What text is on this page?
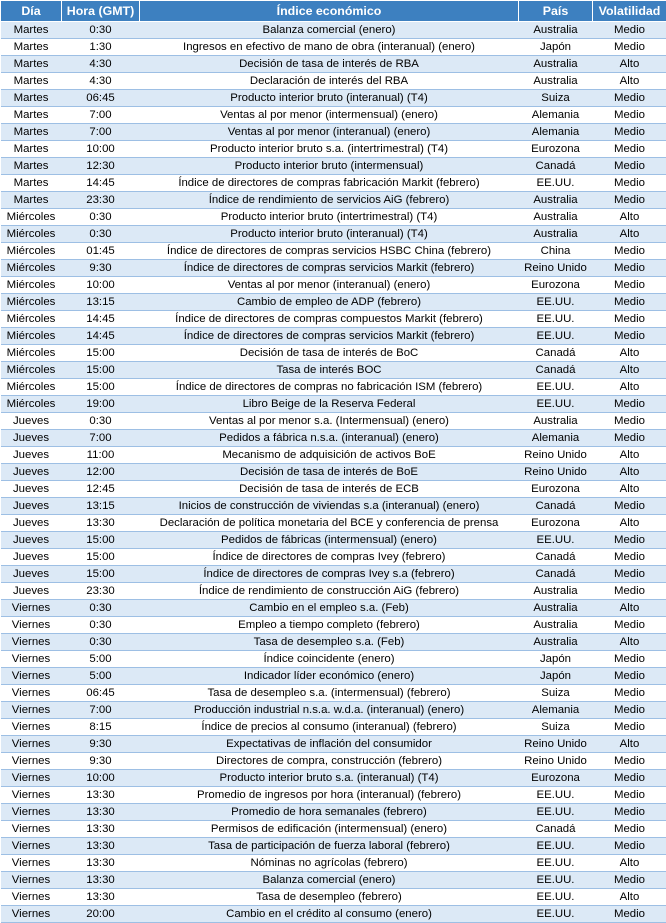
Día	Hora (GMT)	Índice económico	País	Volatilidad
Martes	0:30	Balanza comercial (enero)	Australia	Medio
Martes	1:30	Ingresos en efectivo de mano de obra (interanual) (enero)	Japón	Medio
Martes	4:30	Decisión de tasa de interés de RBA	Australia	Alto
Martes	4:30	Declaración de interés del RBA	Australia	Alto
Martes	06:45	Producto interior bruto (interanual) (T4)	Suiza	Medio
Martes	7:00	Ventas al por menor (intermensual) (enero)	Alemania	Medio
Martes	7:00	Ventas al por menor (interanual) (enero)	Alemania	Medio
Martes	10:00	Producto interior bruto s.a. (intertrimestral) (T4)	Eurozona	Medio
Martes	12:30	Producto interior bruto (intermensual)	Canadá	Medio
Martes	14:45	Índice de directores de compras fabricación Markit (febrero)	EE.UU.	Medio
Martes	23:30	Índice de rendimiento de servicios AiG (febrero)	Australia	Medio
Miércoles	0:30	Producto interior bruto (intertrimestral) (T4)	Australia	Alto
Miércoles	0:30	Producto interior bruto (interanual) (T4)	Australia	Alto
Miércoles	01:45	Índice de directores de compras servicios HSBC China (febrero)	China	Medio
Miércoles	9:30	Índice de directores de compras servicios Markit (febrero)	Reino Unido	Medio
Miércoles	10:00	Ventas al por menor (interanual) (enero)	Eurozona	Medio
Miércoles	13:15	Cambio de empleo de ADP (febrero)	EE.UU.	Medio
Miércoles	14:45	Índice de directores de compras compuestos Markit (febrero)	EE.UU.	Medio
Miércoles	14:45	Índice de directores de compras servicios Markit (febrero)	EE.UU.	Medio
Miércoles	15:00	Decisión de tasa de interés de BoC	Canadá	Alto
Miércoles	15:00	Tasa de interés BOC	Canadá	Alto
Miércoles	15:00	Índice de directores de compras no fabricación ISM (febrero)	EE.UU.	Alto
Miércoles	19:00	Libro Beige de la Reserva Federal	EE.UU.	Medio
Jueves	0:30	Ventas al por menor s.a. (Intermensual) (enero)	Australia	Medio
Jueves	7:00	Pedidos a fábrica n.s.a. (interanual) (enero)	Alemania	Medio
Jueves	11:00	Mecanismo de adquisición de activos BoE	Reino Unido	Alto
Jueves	12:00	Decisión de tasa de interés de BoE	Reino Unido	Alto
Jueves	12:45	Decisión de tasa de interés de ECB	Eurozona	Alto
Jueves	13:15	Inicios de construcción de viviendas s.a (interanual) (enero)	Canadá	Medio
Jueves	13:30	Declaración de política monetaria del BCE y conferencia de prensa	Eurozona	Alto
Jueves	15:00	Pedidos de fábricas (intermensual) (enero)	EE.UU.	Medio
Jueves	15:00	Índice de directores de compras Ivey (febrero)	Canadá	Medio
Jueves	15:00	Índice de directores de compras Ivey s.a (febrero)	Canadá	Medio
Jueves	23:30	Índice de rendimiento de construcción AiG (febrero)	Australia	Medio
Viernes	0:30	Cambio en el empleo s.a. (Feb)	Australia	Alto
Viernes	0:30	Empleo a tiempo completo (febrero)	Australia	Medio
Viernes	0:30	Tasa de desempleo s.a. (Feb)	Australia	Alto
Viernes	5:00	Índice coincidente (enero)	Japón	Medio
Viernes	5:00	Indicador líder económico (enero)	Japón	Medio
Viernes	06:45	Tasa de desempleo s.a. (intermensual) (febrero)	Suiza	Medio
Viernes	7:00	Producción industrial n.s.a. w.d.a. (interanual) (enero)	Alemania	Medio
Viernes	8:15	Índice de precios al consumo (interanual) (febrero)	Suiza	Medio
Viernes	9:30	Expectativas de inflación del consumidor	Reino Unido	Alto
Viernes	9:30	Directores de compra, construcción (febrero)	Reino Unido	Medio
Viernes	10:00	Producto interior bruto s.a. (interanual) (T4)	Eurozona	Medio
Viernes	13:30	Promedio de ingresos por hora (interanual) (febrero)	EE.UU.	Medio
Viernes	13:30	Promedio de hora semanales (febrero)	EE.UU.	Medio
Viernes	13:30	Permisos de edificación (intermensual) (enero)	Canadá	Medio
Viernes	13:30	Tasa de participación de fuerza laboral (febrero)	EE.UU.	Medio
Viernes	13:30	Nóminas no agrícolas (febrero)	EE.UU.	Alto
Viernes	13:30	Balanza comercial (enero)	EE.UU.	Medio
Viernes	13:30	Tasa de desempleo (febrero)	EE.UU.	Alto
Viernes	20:00	Cambio en el crédito al consumo (enero)	EE.UU.	Medio
